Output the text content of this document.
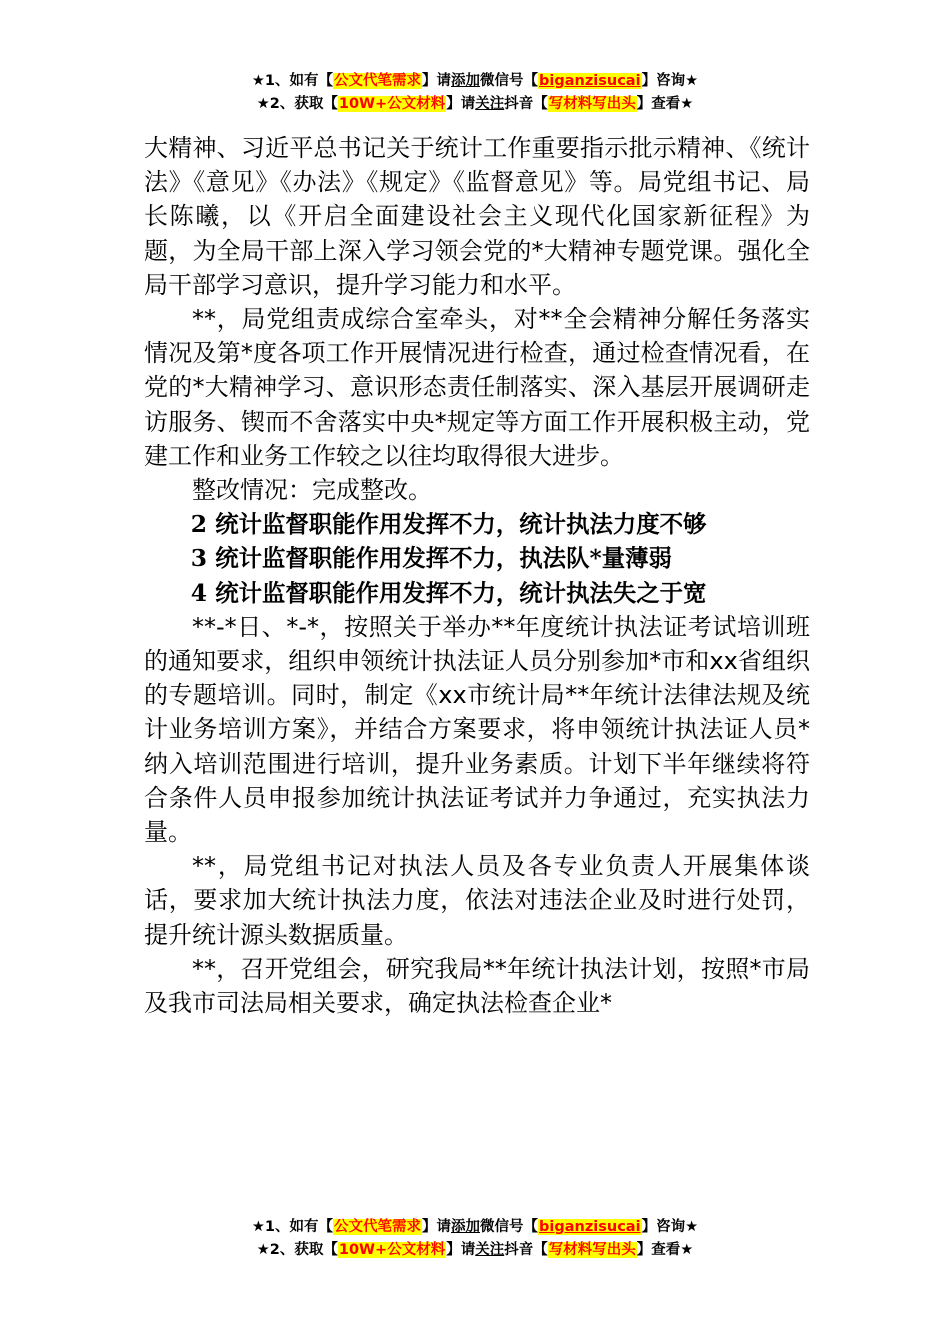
★1、如有【公文代笔需求】请添加微信号【biganzisucai】咨询★
★2、获取【10W+公文材料】请关注抖音【写材料写出头】查看★

大精神、习近平总书记关于统计工作重要指示批示精神、《统计法》《意见》《办法》《规定》《监督意见》等。局党组书记、局长陈曦，以《开启全面建设社会主义现代化国家新征程》为题，为全局干部上深入学习领会党的*大精神专题党课。强化全局干部学习意识，提升学习能力和水平。

**，局党组责成综合室牵头，对**全会精神分解任务落实情况及第*度各项工作开展情况进行检查，通过检查情况看，在党的*大精神学习、意识形态责任制落实、深入基层开展调研走访服务、锲而不舍落实中央*规定等方面工作开展积极主动，党建工作和业务工作较之以往均取得很大进步。

整改情况：完成整改。

2 统计监督职能作用发挥不力，统计执法力度不够

3 统计监督职能作用发挥不力，执法队*量薄弱

4 统计监督职能作用发挥不力，统计执法失之于宽

**-*日、*-*，按照关于举办**年度统计执法证考试培训班的通知要求，组织申领统计执法证人员分别参加*市和xx省组织的专题培训。同时，制定《xx市统计局**年统计法律法规及统计业务培训方案》，并结合方案要求，将申领统计执法证人员*纳入培训范围进行培训，提升业务素质。计划下半年继续将符合条件人员申报参加统计执法证考试并力争通过，充实执法力量。

**，局党组书记对执法人员及各专业负责人开展集体谈话，要求加大统计执法力度，依法对违法企业及时进行处罚，提升统计源头数据质量。

**，召开党组会，研究我局**年统计执法计划，按照*市局及我市司法局相关要求，确定执法检查企业*

★1、如有【公文代笔需求】请添加微信号【biganzisucai】咨询★
★2、获取【10W+公文材料】请关注抖音【写材料写出头】查看★
